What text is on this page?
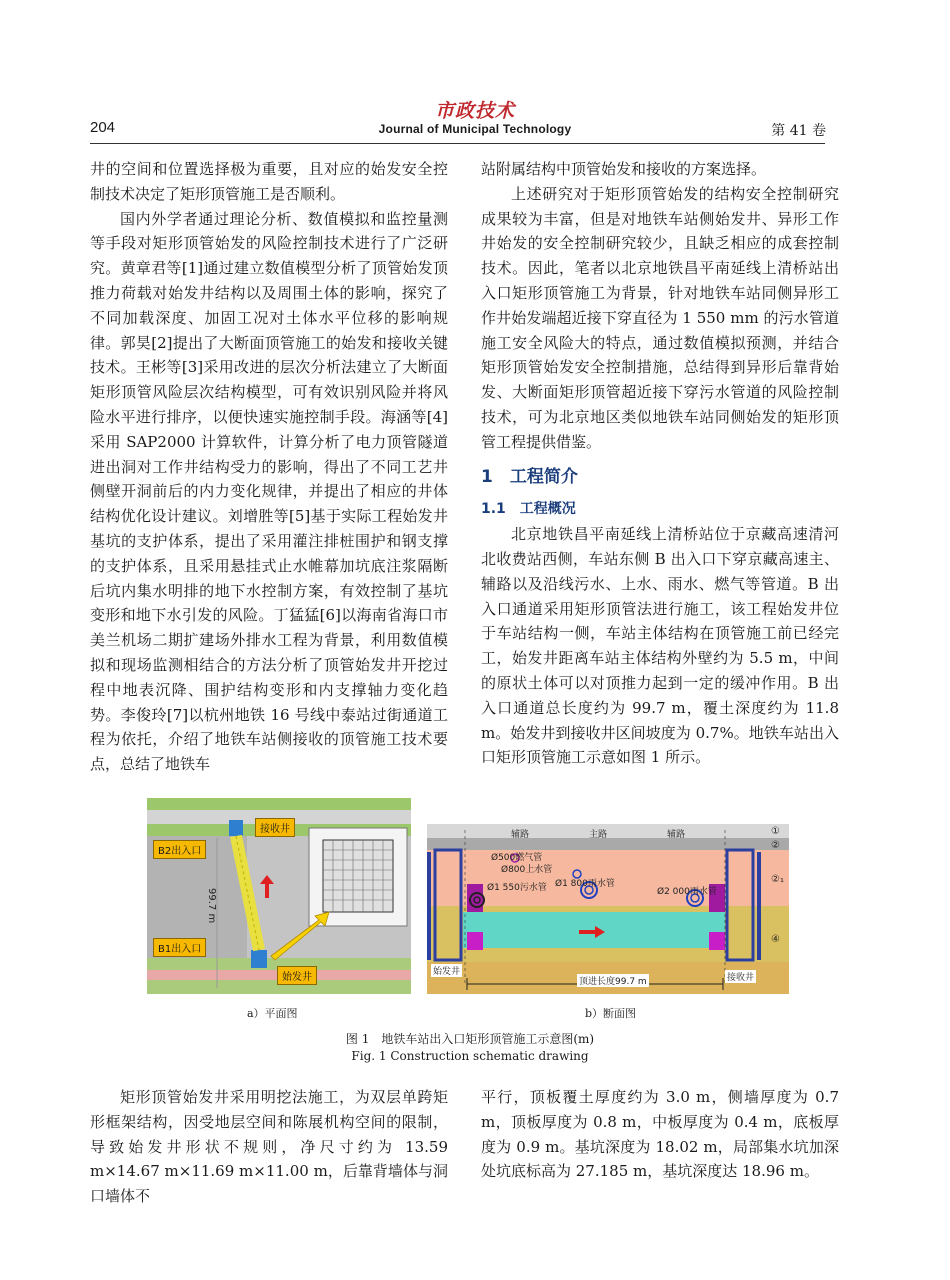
市政技术
204	Journal of Municipal Technology	第 41 卷

井的空间和位置选择极为重要，且对应的始发安全控制技术决定了矩形顶管施工是否顺利。

国内外学者通过理论分析、数值模拟和监控量测等手段对矩形顶管始发的风险控制技术进行了广泛研究。黄章君等[1]通过建立数值模型分析了顶管始发顶推力荷载对始发井结构以及周围土体的影响，探究了不同加载深度、加固工况对土体水平位移的影响规律。郭昊[2]提出了大断面顶管施工的始发和接收关键技术。王彬等[3]采用改进的层次分析法建立了大断面矩形顶管风险层次结构模型，可有效识别风险并将风险水平进行排序，以便快速实施控制手段。海涵等[4]采用 SAP2000 计算软件，计算分析了电力顶管隧道进出洞对工作井结构受力的影响，得出了不同工艺井侧壁开洞前后的内力变化规律，并提出了相应的井体结构优化设计建议。刘增胜等[5]基于实际工程始发井基坑的支护体系，提出了采用灌注排桩围护和钢支撑的支护体系，且采用悬挂式止水帷幕加坑底注浆隔断后坑内集水明排的地下水控制方案，有效控制了基坑变形和地下水引发的风险。丁猛猛[6]以海南省海口市美兰机场二期扩建场外排水工程为背景，利用数值模拟和现场监测相结合的方法分析了顶管始发井开挖过程中地表沉降、围护结构变形和内支撑轴力变化趋势。李俊玲[7]以杭州地铁 16 号线中泰站过街通道工程为依托，介绍了地铁车站侧接收的顶管施工技术要点，总结了地铁车

站附属结构中顶管始发和接收的方案选择。

上述研究对于矩形顶管始发的结构安全控制研究成果较为丰富，但是对地铁车站侧始发井、异形工作井始发的安全控制研究较少，且缺乏相应的成套控制技术。因此，笔者以北京地铁昌平南延线上清桥站出入口矩形顶管施工为背景，针对地铁车站同侧异形工作井始发端超近接下穿直径为 1 550 mm 的污水管道施工安全风险大的特点，通过数值模拟预测，并结合矩形顶管始发安全控制措施，总结得到异形后靠背始发、大断面矩形顶管超近接下穿污水管道的风险控制技术，可为北京地区类似地铁车站同侧始发的矩形顶管工程提供借鉴。

1　工程简介

1.1　工程概况

北京地铁昌平南延线上清桥站位于京藏高速清河北收费站西侧，车站东侧 B 出入口下穿京藏高速主、辅路以及沿线污水、上水、雨水、燃气等管道。B 出入口通道采用矩形顶管法进行施工，该工程始发井位于车站结构一侧，车站主体结构在顶管施工前已经完工，始发井距离车站主体结构外壁约为 5.5 m，中间的原状土体可以对顶推力起到一定的缓冲作用。B 出入口通道总长度约为 99.7 m，覆土深度约为 11.8 m。始发井到接收井区间坡度为 0.7%。地铁车站出入口矩形顶管施工示意如图 1 所示。

接收井
B2出入口
B1出入口
始发井
99.7 m
辅路	主路	辅路
Ø500燃气管
Ø800上水管
Ø1 550污水管 Ø1 800雨水管
Ø2 000雨水管
始发井
接收井
顶进长度99.7 m
①
②
②₁
④
a）平面图	b）断面图
图 1　地铁车站出入口矩形顶管施工示意图(m)
Fig. 1 Construction schematic drawing

矩形顶管始发井采用明挖法施工，为双层单跨矩形框架结构，因受地层空间和陈展机构空间的限制，导致始发井形状不规则，净尺寸约为 13.59 m×14.67 m×11.69 m×11.00 m，后靠背墙体与洞口墙体不

平行，顶板覆土厚度约为 3.0 m，侧墙厚度为 0.7 m，顶板厚度为 0.8 m，中板厚度为 0.4 m，底板厚度为 0.9 m。基坑深度为 18.02 m，局部集水坑加深处坑底标高为 27.185 m，基坑深度达 18.96 m。
